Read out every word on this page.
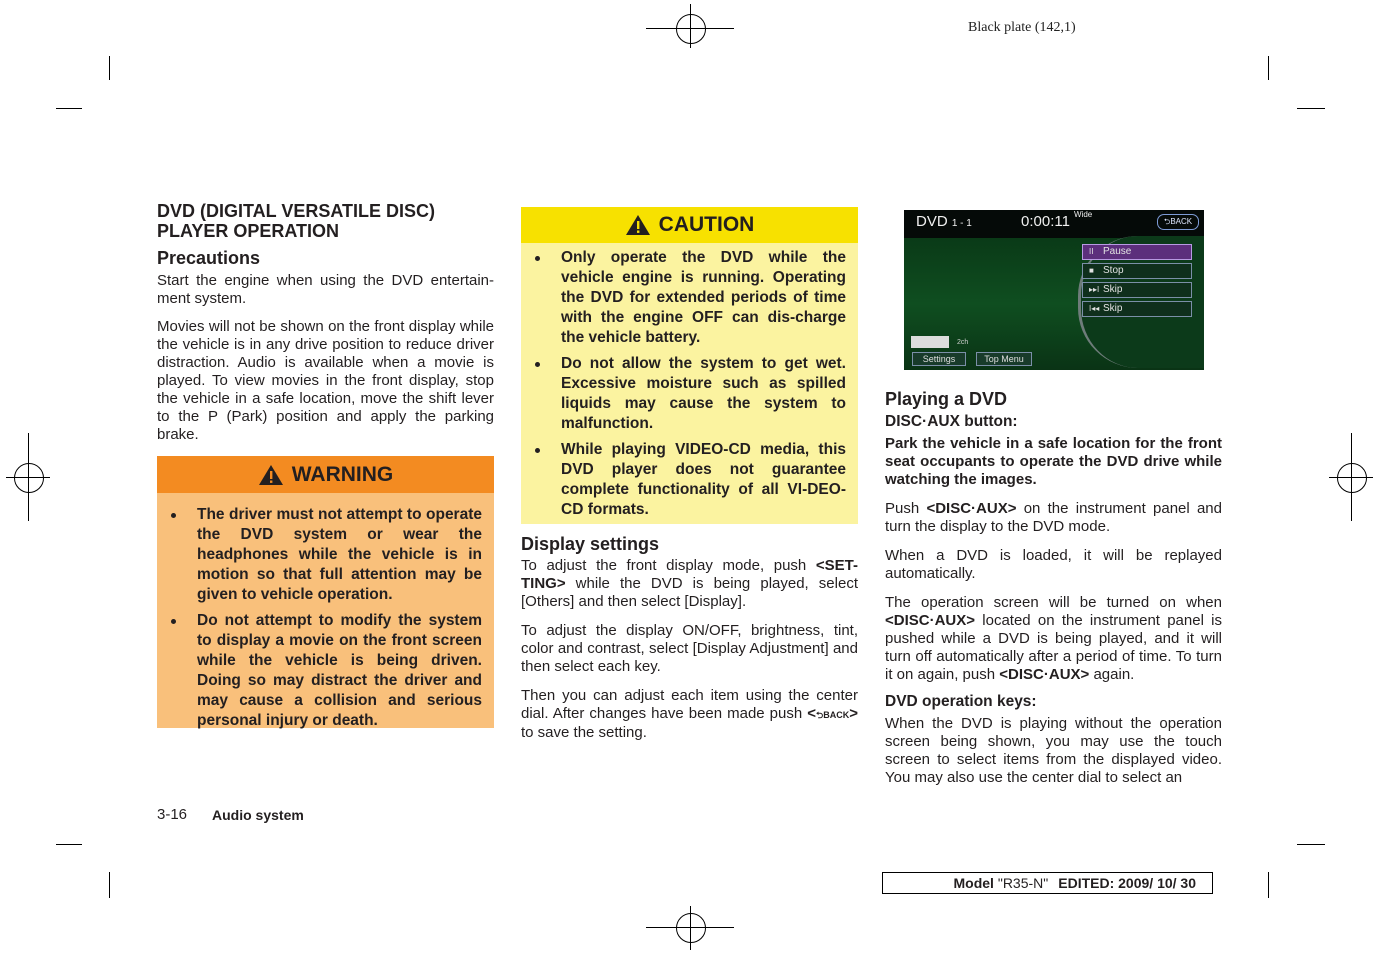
Black plate (142,1)
DVD (DIGITAL VERSATILE DISC)
PLAYER OPERATION
Precautions

Start the engine when using the DVD entertain-ment system.

Movies will not be shown on the front display while the vehicle is in any drive position to reduce driver distraction. Audio is available when a movie is played. To view movies in the front display, stop the vehicle in a safe location, move the shift lever to the P (Park) position and apply the parking brake.

WARNING
The driver must not attempt to operate the DVD system or wear the headphones while the vehicle is in motion so that full attention may be given to vehicle operation.
Do not attempt to modify the system to display a movie on the front screen while the vehicle is being driven. Doing so may distract the driver and may cause a collision and serious personal injury or death.
CAUTION
Only operate the DVD while the vehicle engine is running. Operating the DVD for extended periods of time with the engine OFF can dis-charge the vehicle battery.
Do not allow the system to get wet. Excessive moisture such as spilled liquids may cause the system to malfunction.
While playing VIDEO-CD media, this DVD player does not guarantee complete functionality of all VI-DEO-CD formats.
Display settings

To adjust the front display mode, push <SET-TING> while the DVD is being played, select [Others] and then select [Display].

To adjust the display ON/OFF, brightness, tint, color and contrast, select [Display Adjustment] and then select each key.

Then you can adjust each item using the center dial. After changes have been made push <⮌BACK> to save the setting.

DVD 1 - 1	0:00:11 Wide
⮌BACK
II Pause
■ Stop
▸▸I Skip
I◂◂ Skip
2ch
Settings	Top Menu
Playing a DVD
DISC·AUX button:

Park the vehicle in a safe location for the front seat occupants to operate the DVD drive while watching the images.

Push <DISC·AUX> on the instrument panel and turn the display to the DVD mode.

When a DVD is loaded, it will be replayed automatically.

The operation screen will be turned on when <DISC·AUX> located on the instrument panel is pushed while a DVD is being played, and it will turn off automatically after a period of time. To turn it on again, push <DISC·AUX> again.

DVD operation keys:

When the DVD is playing without the operation screen being shown, you may use the touch screen to select items from the displayed video. You may also use the center dial to select an

3-16 Audio system
Model "R35-N" EDITED: 2009/ 10/ 30
